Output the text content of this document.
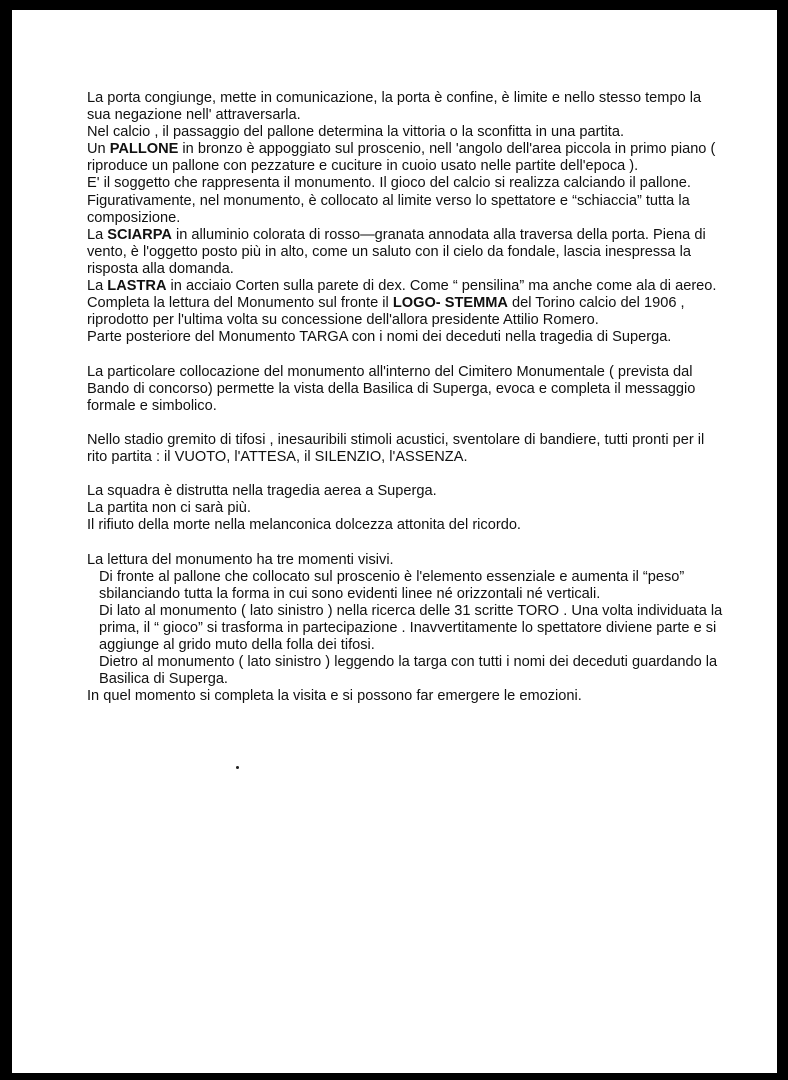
La porta congiunge, mette in comunicazione, la porta è confine, è limite e nello stesso tempo la sua negazione nell' attraversarla.

Nel calcio , il passaggio del pallone determina la vittoria o la sconfitta in una partita.

Un PALLONE in bronzo è appoggiato sul proscenio, nell 'angolo dell'area piccola in primo piano ( riproduce un pallone con pezzature e cuciture in cuoio usato nelle partite dell'epoca ).

E' il soggetto che rappresenta il monumento. Il gioco del calcio si realizza calciando il pallone. Figurativamente, nel monumento, è collocato al limite verso lo spettatore e “schiaccia” tutta la composizione.

La SCIARPA in alluminio colorata di rosso—granata annodata alla traversa della porta. Piena di vento, è l'oggetto posto più in alto, come un saluto con il cielo da fondale, lascia inespressa la risposta alla domanda.

La LASTRA in acciaio Corten sulla parete di dex. Come “ pensilina” ma anche come ala di aereo.

Completa la lettura del Monumento sul fronte il LOGO- STEMMA del Torino calcio del 1906 , riprodotto per l'ultima volta su concessione dell'allora presidente Attilio Romero.

Parte posteriore del Monumento TARGA con i nomi dei deceduti nella tragedia di Superga.

La particolare collocazione del monumento all'interno del Cimitero Monumentale ( prevista dal Bando di concorso) permette la vista della Basilica di Superga, evoca e completa il messaggio formale e simbolico.

Nello stadio gremito di tifosi , inesauribili stimoli acustici, sventolare di bandiere, tutti pronti per il rito partita : il VUOTO, l'ATTESA, il SILENZIO, l'ASSENZA.

La squadra è distrutta nella tragedia aerea a Superga.

La partita non ci sarà più.

Il rifiuto della morte nella melanconica dolcezza attonita del ricordo.

La lettura del monumento ha tre momenti visivi.

Di fronte al pallone che collocato sul proscenio è l'elemento essenziale e aumenta il “peso” sbilanciando tutta la forma in cui sono evidenti linee né orizzontali né verticali.

Di lato al monumento ( lato sinistro ) nella ricerca delle 31 scritte TORO . Una volta individuata la prima, il “ gioco” si trasforma in partecipazione . Inavvertitamente lo spettatore diviene parte e si aggiunge al grido muto della folla dei tifosi.

Dietro al monumento ( lato sinistro ) leggendo la targa con tutti i nomi dei deceduti guardando la Basilica di Superga.

In quel momento si completa la visita e si possono far emergere le emozioni.
